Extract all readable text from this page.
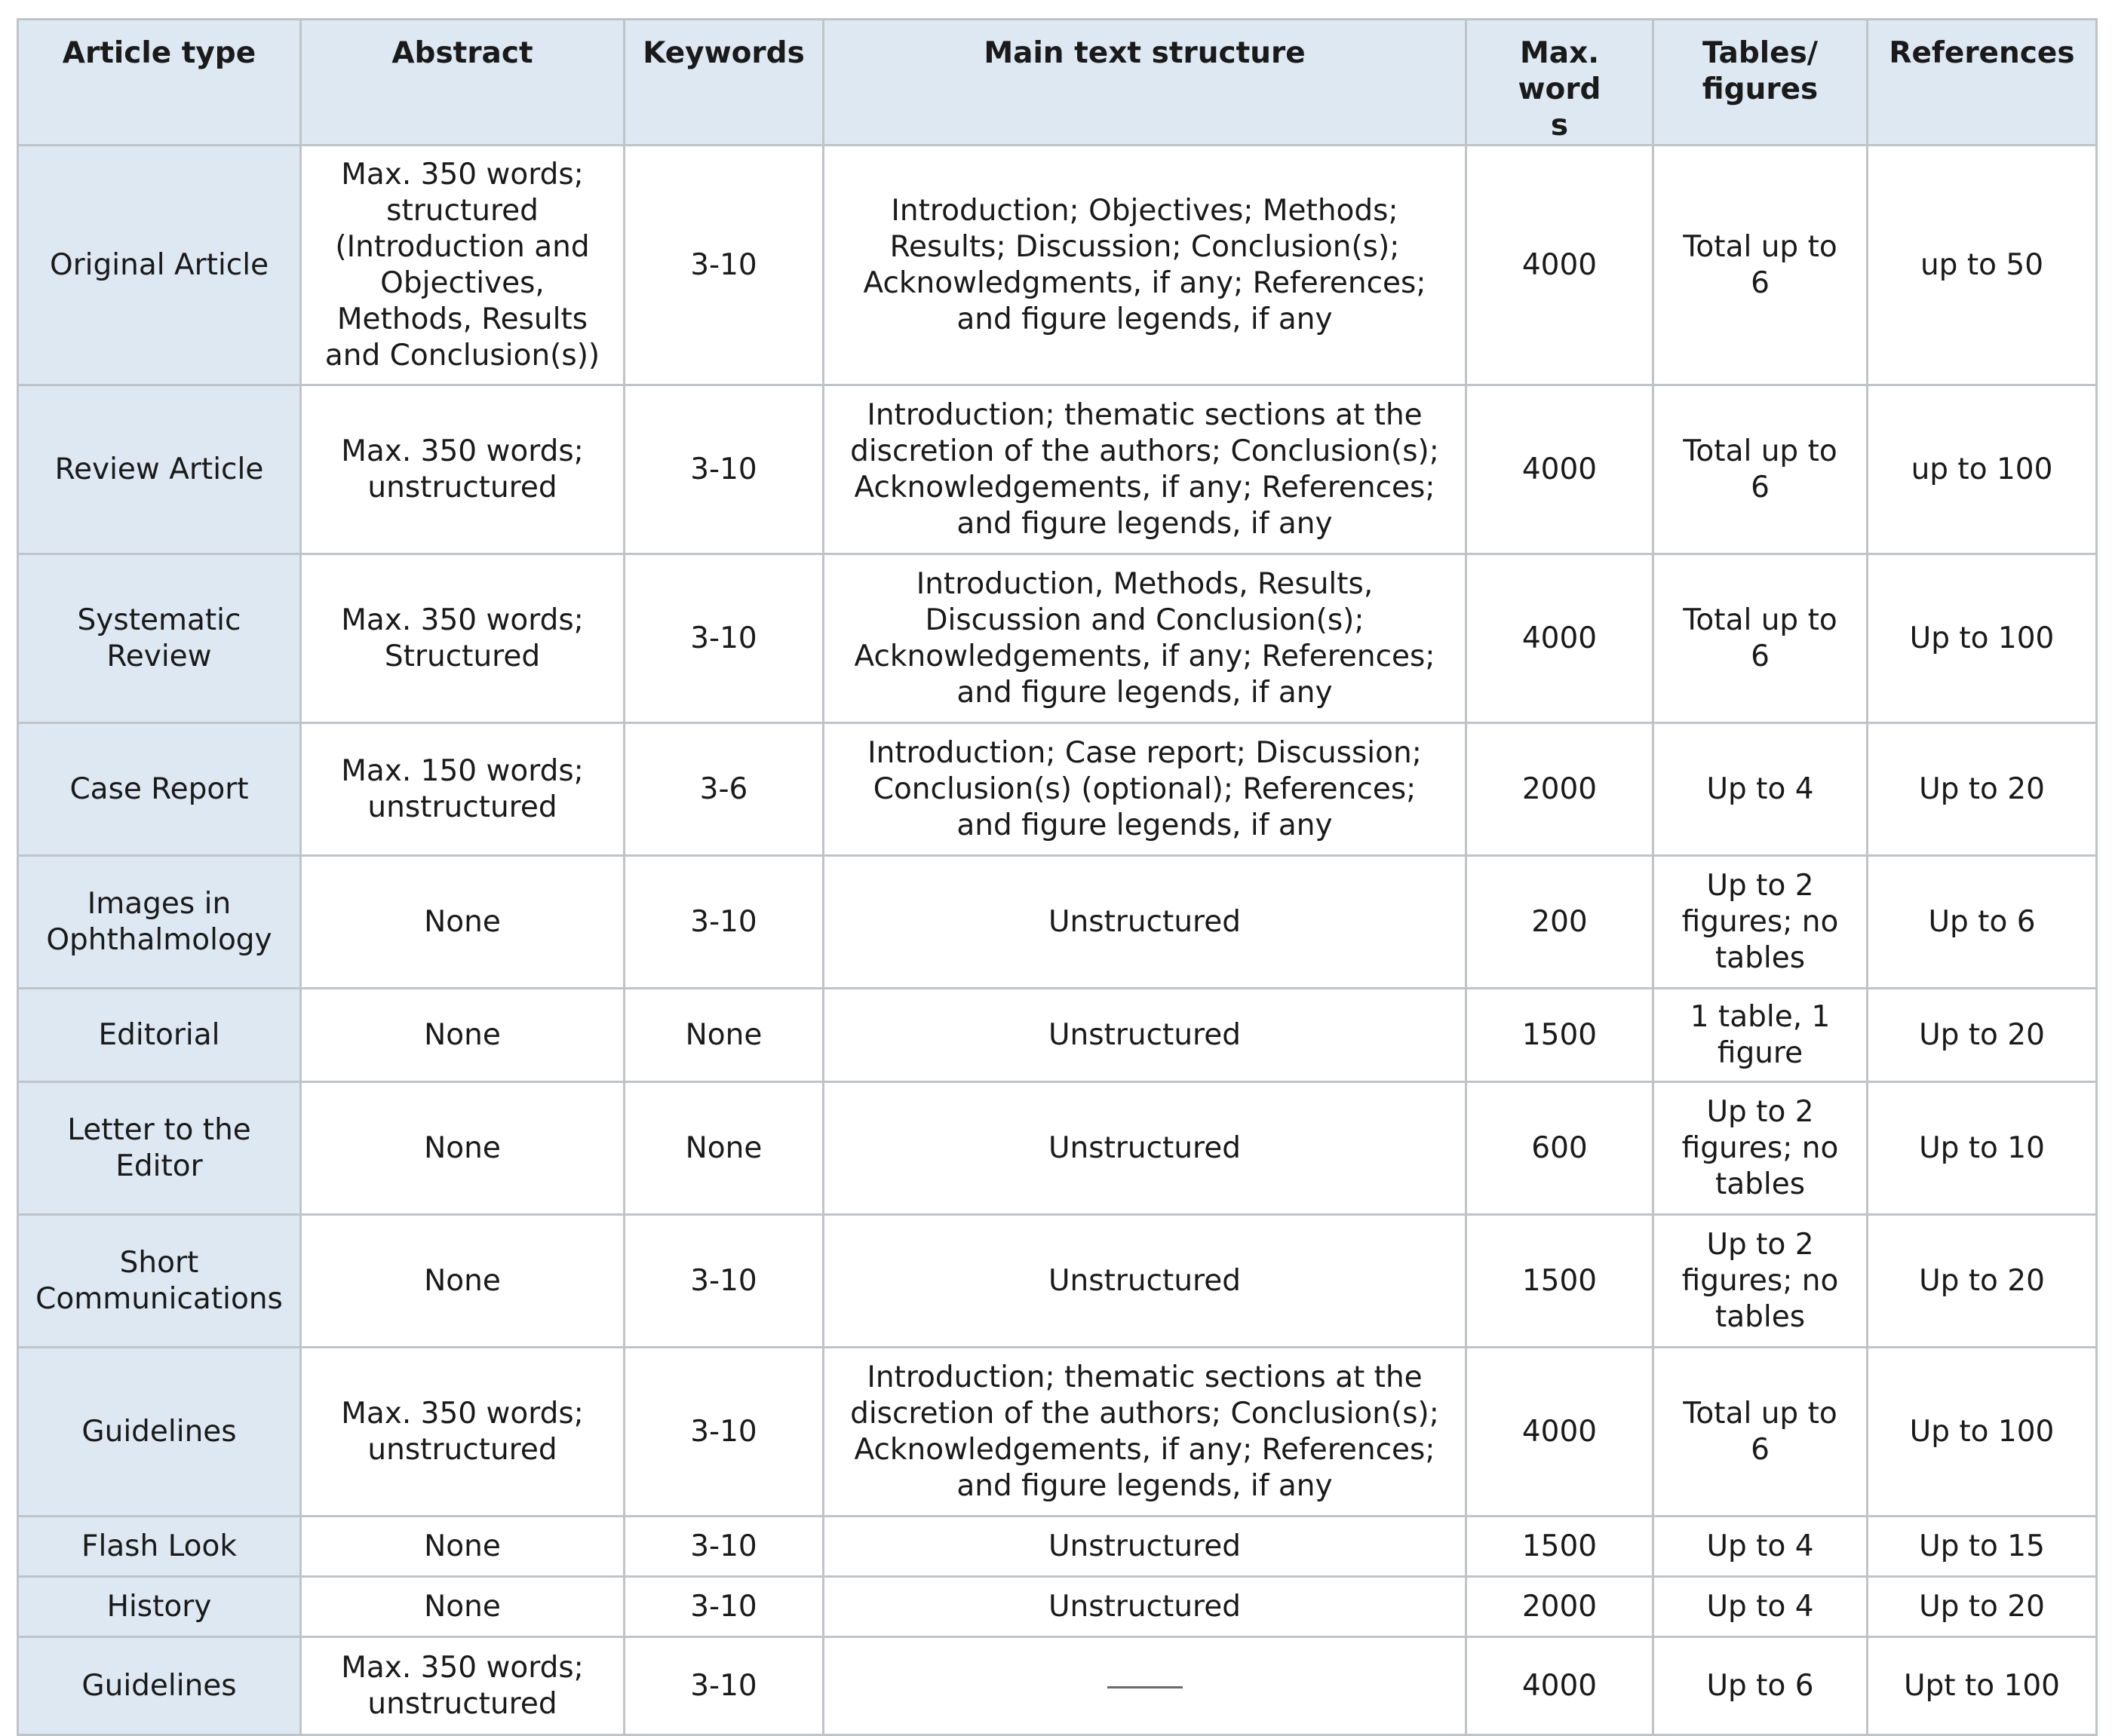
Article type	Abstract	Keywords	Main text structure	Max. words	Tables/ figures	References
Original Article	Max. 350 words; structured (Introduction and Objectives, Methods, Results and Conclusion(s))	3-10	Introduction; Objectives; Methods; Results; Discussion; Conclusion(s); Acknowledgments, if any; References; and figure legends, if any	4000	Total up to 6	up to 50
Review Article	Max. 350 words; unstructured	3-10	Introduction; thematic sections at the discretion of the authors; Conclusion(s); Acknowledgements, if any; References; and figure legends, if any	4000	Total up to 6	up to 100
Systematic Review	Max. 350 words; Structured	3-10	Introduction, Methods, Results, Discussion and Conclusion(s); Acknowledgements, if any; References; and figure legends, if any	4000	Total up to 6	Up to 100
Case Report	Max. 150 words; unstructured	3-6	Introduction; Case report; Discussion; Conclusion(s) (optional); References; and figure legends, if any	2000	Up to 4	Up to 20
Images in Ophthalmology	None	3-10	Unstructured	200	Up to 2 figures; no tables	Up to 6
Editorial	None	None	Unstructured	1500	1 table, 1 figure	Up to 20
Letter to the Editor	None	None	Unstructured	600	Up to 2 figures; no tables	Up to 10
Short Communications	None	3-10	Unstructured	1500	Up to 2 figures; no tables	Up to 20
Guidelines	Max. 350 words; unstructured	3-10	Introduction; thematic sections at the discretion of the authors; Conclusion(s); Acknowledgements, if any; References; and figure legends, if any	4000	Total up to 6	Up to 100
Flash Look	None	3-10	Unstructured	1500	Up to 4	Up to 15
History	None	3-10	Unstructured	2000	Up to 4	Up to 20
Guidelines	Max. 350 words; unstructured	3-10		4000	Up to 6	Upt to 100
